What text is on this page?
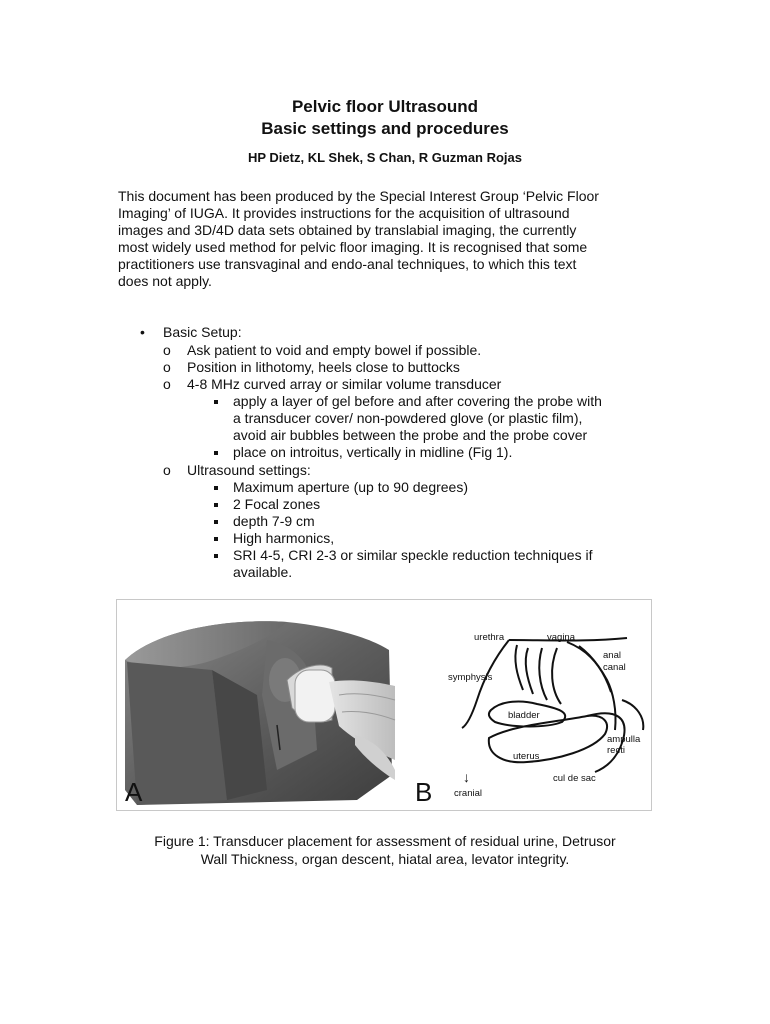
Pelvic floor Ultrasound
Basic settings and procedures
HP Dietz, KL Shek, S Chan, R Guzman Rojas
This document has been produced by the Special Interest Group ‘Pelvic Floor
Imaging’ of IUGA. It provides instructions for the acquisition of ultrasound
images and 3D/4D data sets obtained by translabial imaging, the currently
most widely used method for pelvic floor imaging. It is recognised that some
practitioners use transvaginal and endo-anal techniques, to which this text
does not apply.
• Basic Setup:
o Ask patient to void and empty bowel if possible.
o Position in lithotomy, heels close to buttocks
o 4-8 MHz curved array or similar volume transducer
apply a layer of gel before and after covering the probe with
a transducer cover/ non-powdered glove (or plastic film),
avoid air bubbles between the probe and the probe cover
place on introitus, vertically in midline (Fig 1).
o Ultrasound settings:
Maximum aperture (up to 90 degrees)
2 Focal zones
depth 7-9 cm
High harmonics,
SRI 4-5, CRI 2-3 or similar speckle reduction techniques if
available.
A
urethra	vagina
anal
canal
symphysis
bladder
ampulla
recti
uterus
cul de sac
↓
cranial
B
Figure 1: Transducer placement for assessment of residual urine, Detrusor
Wall Thickness, organ descent, hiatal area, levator integrity.
